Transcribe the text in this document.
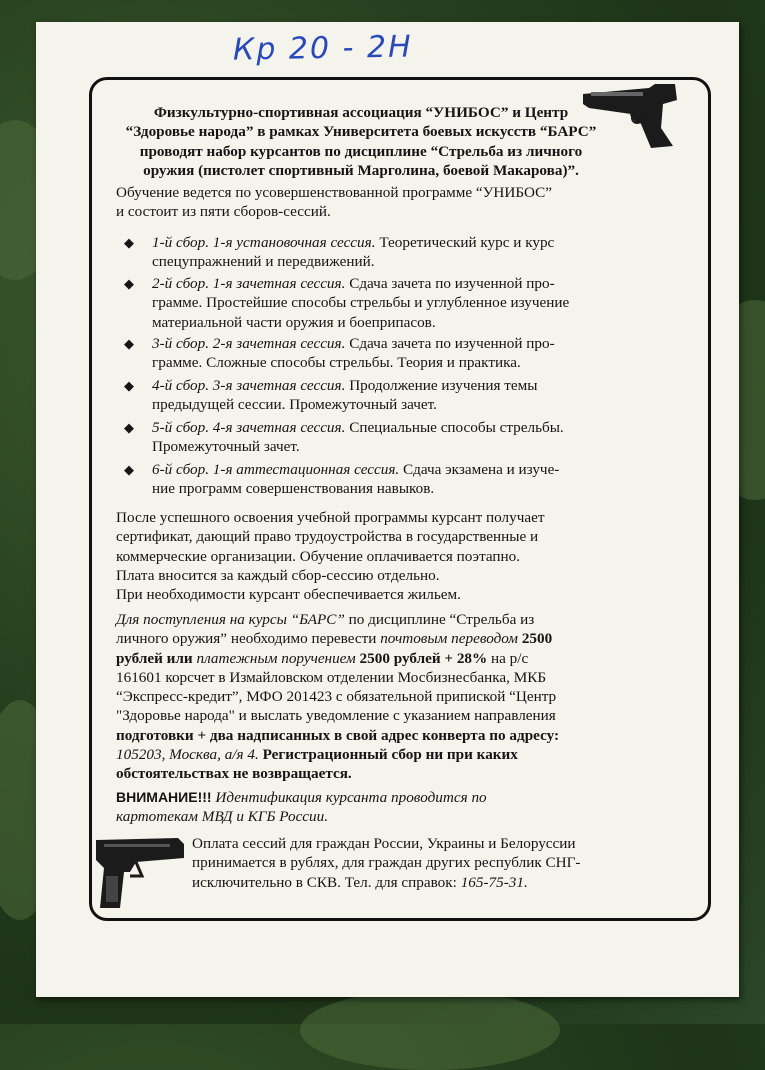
Кр 20 - 2Н

Физкультурно-спортивная ассоциация “УНИБОС” и Центр

“Здоровье народа” в рамках Университета боевых искусств “БАРС”

проводят набор курсантов по дисциплине “Стрельба из личного

оружия (пистолет спортивный Марголина, боевой Макарова)”.

Обучение ведется по усовершенствованной программе “УНИБОС”
и состоит из пяти сборов-сессий.
◆ 1-й сбор. 1-я установочная сессия. Теоретический курс и курс
спецупражнений и передвижений.
◆ 2-й сбор. 1-я зачетная сессия. Сдача зачета по изученной про-
грамме. Простейшие способы стрельбы и углубленное изучение
материальной части оружия и боеприпасов.
◆ 3-й сбор. 2-я зачетная сессия. Сдача зачета по изученной про-
грамме. Сложные способы стрельбы. Теория и практика.
◆ 4-й сбор. 3-я зачетная сессия. Продолжение изучения темы
предыдущей сессии. Промежуточный зачет.
◆ 5-й сбор. 4-я зачетная сессия. Специальные способы стрельбы.
Промежуточный зачет.
◆ 6-й сбор. 1-я аттестационная сессия. Сдача экзамена и изуче-
ние программ совершенствования навыков.
После успешного освоения учебной программы курсант получает
сертификат, дающий право трудоустройства в государственные и
коммерческие организации. Обучение оплачивается поэтапно.
Плата вносится за каждый сбор-сессию отдельно.
При необходимости курсант обеспечивается жильем.
Для поступления на курсы “БАРС” по дисциплине “Стрельба из
личного оружия” необходимо перевести почтовым переводом 2500
рублей или платежным поручением 2500 рублей + 28% на р/с
161601 корсчет в Измайловском отделении Мосбизнесбанка, МКБ
“Экспресс-кредит”, МФО 201423 с обязательной припиской “Центр
"Здоровье народа" и выслать уведомление с указанием направления
подготовки + два надписанных в свой адрес конверта по адресу:
105203, Москва, а/я 4. Регистрационный сбор ни при каких
обстоятельствах не возвращается.
ВНИМАНИЕ!!! Идентификация курсанта проводится по
картотекам МВД и КГБ России.
Оплата сессий для граждан России, Украины и Белоруссии
принимается в рублях, для граждан других республик СНГ-
исключительно в СКВ. Тел. для справок: 165-75-31.
